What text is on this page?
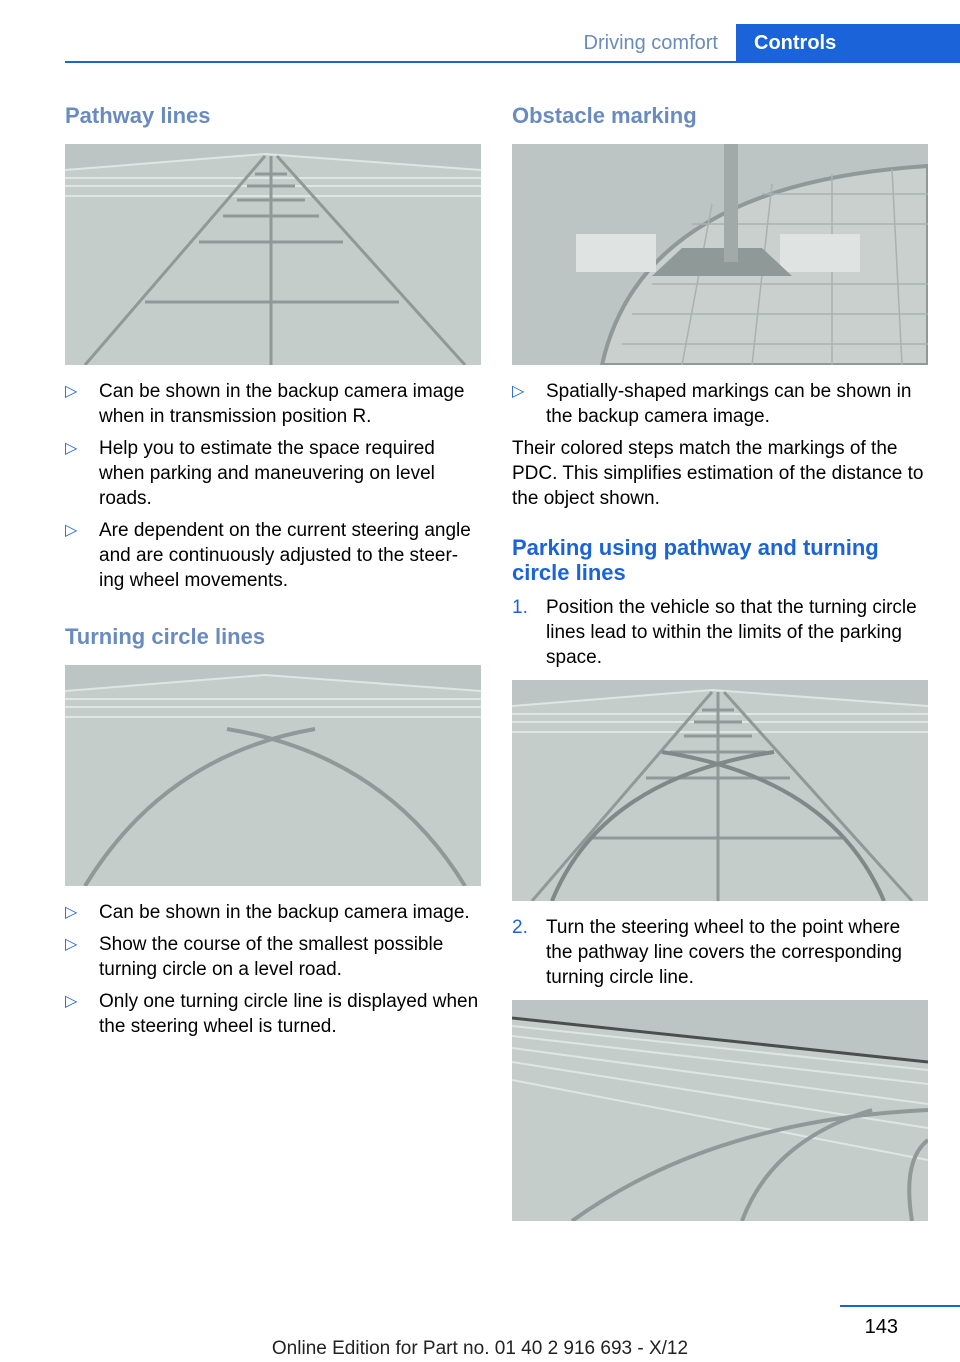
Driving comfort	Controls
Pathway lines
▷ Can be shown in the backup camera image when in transmission position R.
▷ Help you to estimate the space required when parking and maneuvering on level roads.
▷ Are dependent on the current steering angle and are continuously adjusted to the steer‐ing wheel movements.
Turning circle lines
▷ Can be shown in the backup camera image.
▷ Show the course of the smallest possible turning circle on a level road.
▷ Only one turning circle line is displayed when the steering wheel is turned.
Obstacle marking
▷ Spatially-shaped markings can be shown in the backup camera image.

Their colored steps match the markings of the PDC. This simplifies estimation of the distance to the object shown.

Parking using pathway and turning circle lines
1. Position the vehicle so that the turning circle lines lead to within the limits of the parking space.
2. Turn the steering wheel to the point where the pathway line covers the corresponding turning circle line.
143
Online Edition for Part no. 01 40 2 916 693 - X/12
